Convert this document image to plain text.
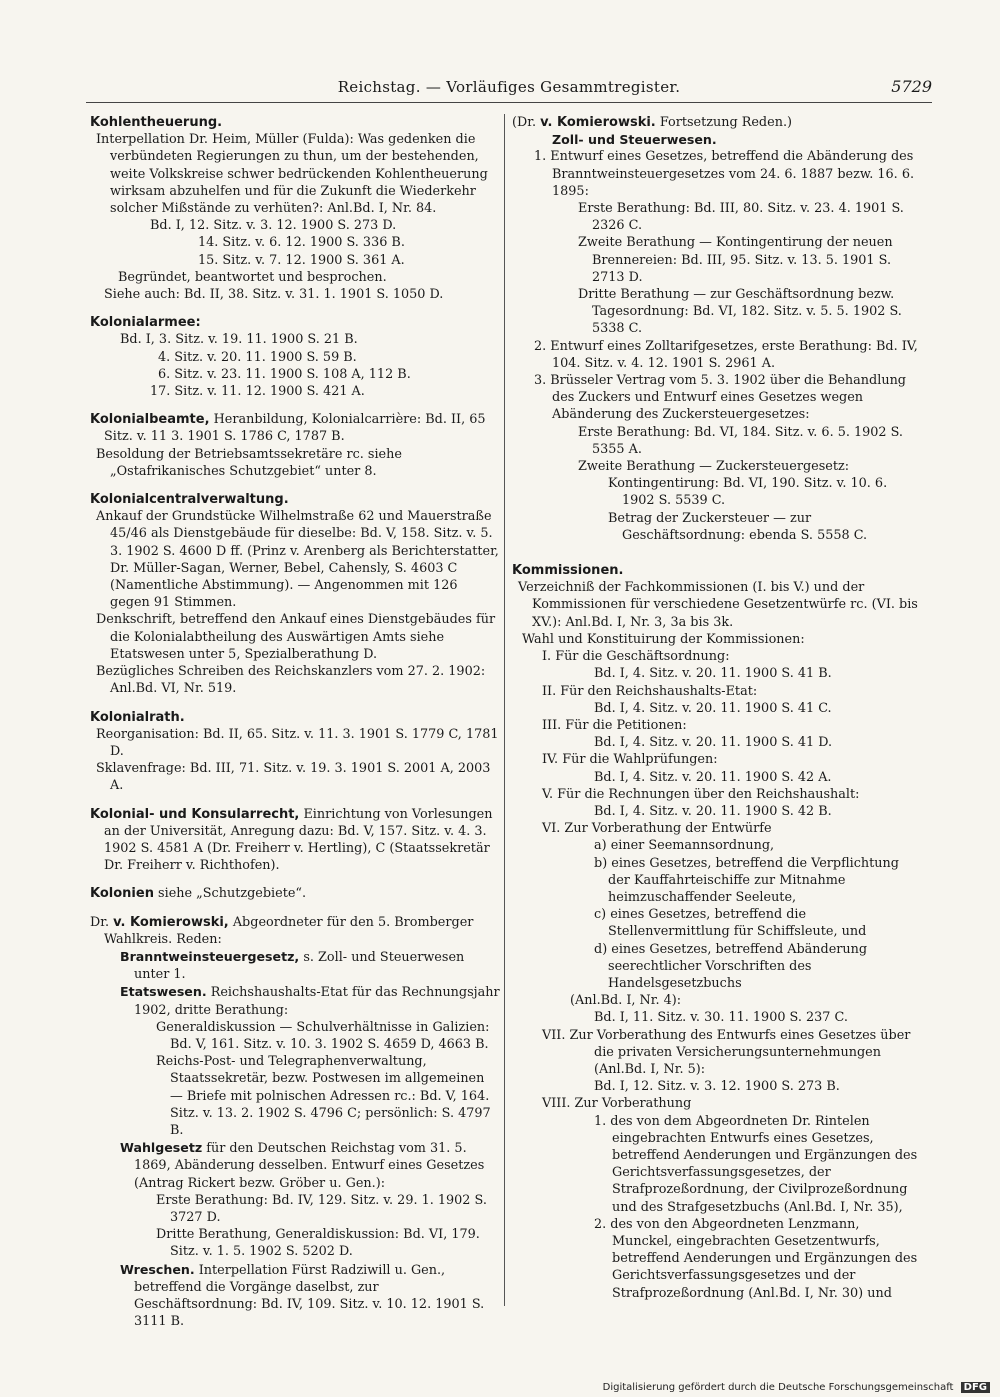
Reichstag. — Vorläufiges Gesammtregister.	5729

Kohlentheuerung.

Interpellation Dr. Heim, Müller (Fulda): Was gedenken die verbündeten Regierungen zu thun, um der bestehenden, weite Volkskreise schwer bedrückenden Kohlentheuerung wirksam abzuhelfen und für die Zukunft die Wiederkehr solcher Mißstände zu verhüten?: Anl.Bd. I, Nr. 84.

Bd. I, 12. Sitz. v. 3. 12. 1900 S. 273 D.

14. Sitz. v. 6. 12. 1900 S. 336 B.

15. Sitz. v. 7. 12. 1900 S. 361 A.

Begründet, beantwortet und besprochen.

Siehe auch: Bd. II, 38. Sitz. v. 31. 1. 1901 S. 1050 D.

Kolonialarmee:

Bd. I, 3. Sitz. v. 19. 11. 1900 S. 21 B.

4. Sitz. v. 20. 11. 1900 S. 59 B.

6. Sitz. v. 23. 11. 1900 S. 108 A, 112 B.

17. Sitz. v. 11. 12. 1900 S. 421 A.

Kolonialbeamte, Heranbildung, Kolonialcarrière: Bd. II, 65 Sitz. v. 11 3. 1901 S. 1786 C, 1787 B.

Besoldung der Betriebsamtssekretäre rc. siehe „Ostafrikanisches Schutzgebiet“ unter 8.

Kolonialcentralverwaltung.

Ankauf der Grundstücke Wilhelmstraße 62 und Mauerstraße 45/46 als Dienstgebäude für dieselbe: Bd. V, 158. Sitz. v. 5. 3. 1902 S. 4600 D ff. (Prinz v. Arenberg als Berichterstatter, Dr. Müller-Sagan, Werner, Bebel, Cahensly, S. 4603 C (Namentliche Abstimmung). — Angenommen mit 126 gegen 91 Stimmen.

Denkschrift, betreffend den Ankauf eines Dienstgebäudes für die Kolonialabtheilung des Auswärtigen Amts siehe Etatswesen unter 5, Spezialberathung D.

Bezügliches Schreiben des Reichskanzlers vom 27. 2. 1902: Anl.Bd. VI, Nr. 519.

Kolonialrath.

Reorganisation: Bd. II, 65. Sitz. v. 11. 3. 1901 S. 1779 C, 1781 D.

Sklavenfrage: Bd. III, 71. Sitz. v. 19. 3. 1901 S. 2001 A, 2003 A.

Kolonial- und Konsularrecht, Einrichtung von Vorlesungen an der Universität, Anregung dazu: Bd. V, 157. Sitz. v. 4. 3. 1902 S. 4581 A (Dr. Freiherr v. Hertling), C (Staatssekretär Dr. Freiherr v. Richthofen).

Kolonien siehe „Schutzgebiete“.

Dr. v. Komierowski, Abgeordneter für den 5. Bromberger Wahlkreis. Reden:

Branntweinsteuergesetz, s. Zoll- und Steuerwesen unter 1.

Etatswesen. Reichshaushalts-Etat für das Rechnungsjahr 1902, dritte Berathung:

Generaldiskussion — Schulverhältnisse in Galizien: Bd. V, 161. Sitz. v. 10. 3. 1902 S. 4659 D, 4663 B.

Reichs-Post- und Telegraphenverwaltung, Staatssekretär, bezw. Postwesen im allgemeinen — Briefe mit polnischen Adressen rc.: Bd. V, 164. Sitz. v. 13. 2. 1902 S. 4796 C; persönlich: S. 4797 B.

Wahlgesetz für den Deutschen Reichstag vom 31. 5. 1869, Abänderung desselben. Entwurf eines Gesetzes (Antrag Rickert bezw. Gröber u. Gen.):

Erste Berathung: Bd. IV, 129. Sitz. v. 29. 1. 1902 S. 3727 D.

Dritte Berathung, Generaldiskussion: Bd. VI, 179. Sitz. v. 1. 5. 1902 S. 5202 D.

Wreschen. Interpellation Fürst Radziwill u. Gen., betreffend die Vorgänge daselbst, zur Geschäftsordnung: Bd. IV, 109. Sitz. v. 10. 12. 1901 S. 3111 B.

(Dr. v. Komierowski. Fortsetzung Reden.)

Zoll- und Steuerwesen.

1. Entwurf eines Gesetzes, betreffend die Abänderung des Branntweinsteuergesetzes vom 24. 6. 1887 bezw. 16. 6. 1895:

Erste Berathung: Bd. III, 80. Sitz. v. 23. 4. 1901 S. 2326 C.

Zweite Berathung — Kontingentirung der neuen Brennereien: Bd. III, 95. Sitz. v. 13. 5. 1901 S. 2713 D.

Dritte Berathung — zur Geschäftsordnung bezw. Tagesordnung: Bd. VI, 182. Sitz. v. 5. 5. 1902 S. 5338 C.

2. Entwurf eines Zolltarifgesetzes, erste Berathung: Bd. IV, 104. Sitz. v. 4. 12. 1901 S. 2961 A.

3. Brüsseler Vertrag vom 5. 3. 1902 über die Behandlung des Zuckers und Entwurf eines Gesetzes wegen Abänderung des Zuckersteuergesetzes:

Erste Berathung: Bd. VI, 184. Sitz. v. 6. 5. 1902 S. 5355 A.

Zweite Berathung — Zuckersteuergesetz:

Kontingentirung: Bd. VI, 190. Sitz. v. 10. 6. 1902 S. 5539 C.

Betrag der Zuckersteuer — zur Geschäftsordnung: ebenda S. 5558 C.

Kommissionen.

Verzeichniß der Fachkommissionen (I. bis V.) und der Kommissionen für verschiedene Gesetzentwürfe rc. (VI. bis XV.): Anl.Bd. I, Nr. 3, 3a bis 3k.

Wahl und Konstituirung der Kommissionen:

I. Für die Geschäftsordnung:

Bd. I, 4. Sitz. v. 20. 11. 1900 S. 41 B.

II. Für den Reichshaushalts-Etat:

Bd. I, 4. Sitz. v. 20. 11. 1900 S. 41 C.

III. Für die Petitionen:

Bd. I, 4. Sitz. v. 20. 11. 1900 S. 41 D.

IV. Für die Wahlprüfungen:

Bd. I, 4. Sitz. v. 20. 11. 1900 S. 42 A.

V. Für die Rechnungen über den Reichshaushalt:

Bd. I, 4. Sitz. v. 20. 11. 1900 S. 42 B.

VI. Zur Vorberathung der Entwürfe

a) einer Seemannsordnung,

b) eines Gesetzes, betreffend die Verpflichtung der Kauffahrteischiffe zur Mitnahme heimzuschaffender Seeleute,

c) eines Gesetzes, betreffend die Stellenvermittlung für Schiffsleute, und

d) eines Gesetzes, betreffend Abänderung seerechtlicher Vorschriften des Handelsgesetzbuchs

(Anl.Bd. I, Nr. 4):

Bd. I, 11. Sitz. v. 30. 11. 1900 S. 237 C.

VII. Zur Vorberathung des Entwurfs eines Gesetzes über die privaten Versicherungsunternehmungen (Anl.Bd. I, Nr. 5):

Bd. I, 12. Sitz. v. 3. 12. 1900 S. 273 B.

VIII. Zur Vorberathung

1. des von dem Abgeordneten Dr. Rintelen eingebrachten Entwurfs eines Gesetzes, betreffend Aenderungen und Ergänzungen des Gerichtsverfassungsgesetzes, der Strafprozeßordnung, der Civilprozeßordnung und des Strafgesetzbuchs (Anl.Bd. I, Nr. 35),

2. des von den Abgeordneten Lenzmann, Munckel, eingebrachten Gesetzentwurfs, betreffend Aenderungen und Ergänzungen des Gerichtsverfassungsgesetzes und der Strafprozeßordnung (Anl.Bd. I, Nr. 30) und

Digitalisierung gefördert durch die Deutsche Forschungsgemeinschaft DFG
